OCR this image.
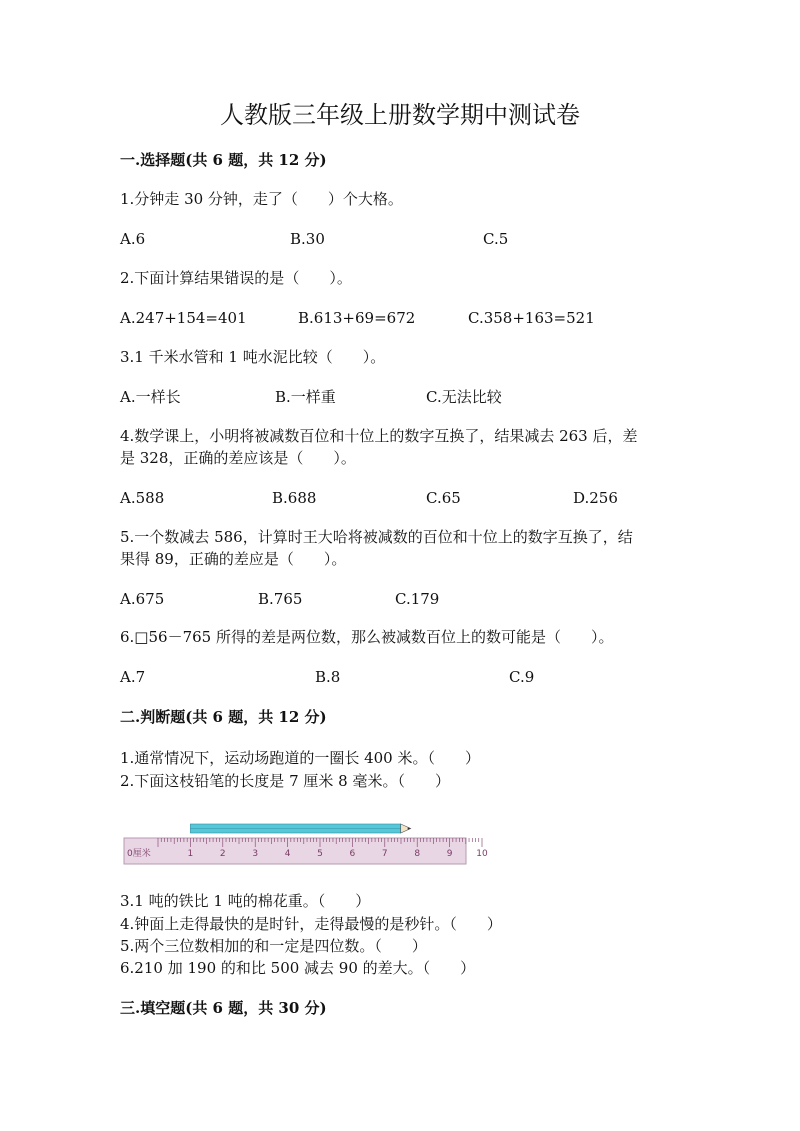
人教版三年级上册数学期中测试卷
一.选择题(共 6 题，共 12 分)
1.分钟走 30 分钟，走了（　　）个大格。
A.6	B.30	C.5
2.下面计算结果错误的是（　　）。
A.247+154=401	B.613+69=672	C.358+163=521
3.1 千米水管和 1 吨水泥比较（　　）。
A.一样长	B.一样重	C.无法比较
4.数学课上，小明将被减数百位和十位上的数字互换了，结果减去 263 后，差
是 328，正确的差应该是（　　）。
A.588	B.688	C.65	D.256
5.一个数减去 586，计算时王大哈将被减数的百位和十位上的数字互换了，结
果得 89，正确的差应是（　　）。
A.675	B.765	C.179
6.□56－765 所得的差是两位数，那么被减数百位上的数可能是（　　）。
A.7	B.8	C.9
二.判断题(共 6 题，共 12 分)
1.通常情况下，运动场跑道的一圈长 400 米。（　　）
2.下面这枝铅笔的长度是 7 厘米 8 毫米。（　　）
0厘米	1	2	3	4	5	6	7	8	9	10
3.1 吨的铁比 1 吨的棉花重。（　　）
4.钟面上走得最快的是时针，走得最慢的是秒针。（　　）
5.两个三位数相加的和一定是四位数。（　　）
6.210 加 190 的和比 500 减去 90 的差大。（　　）
三.填空题(共 6 题，共 30 分)
